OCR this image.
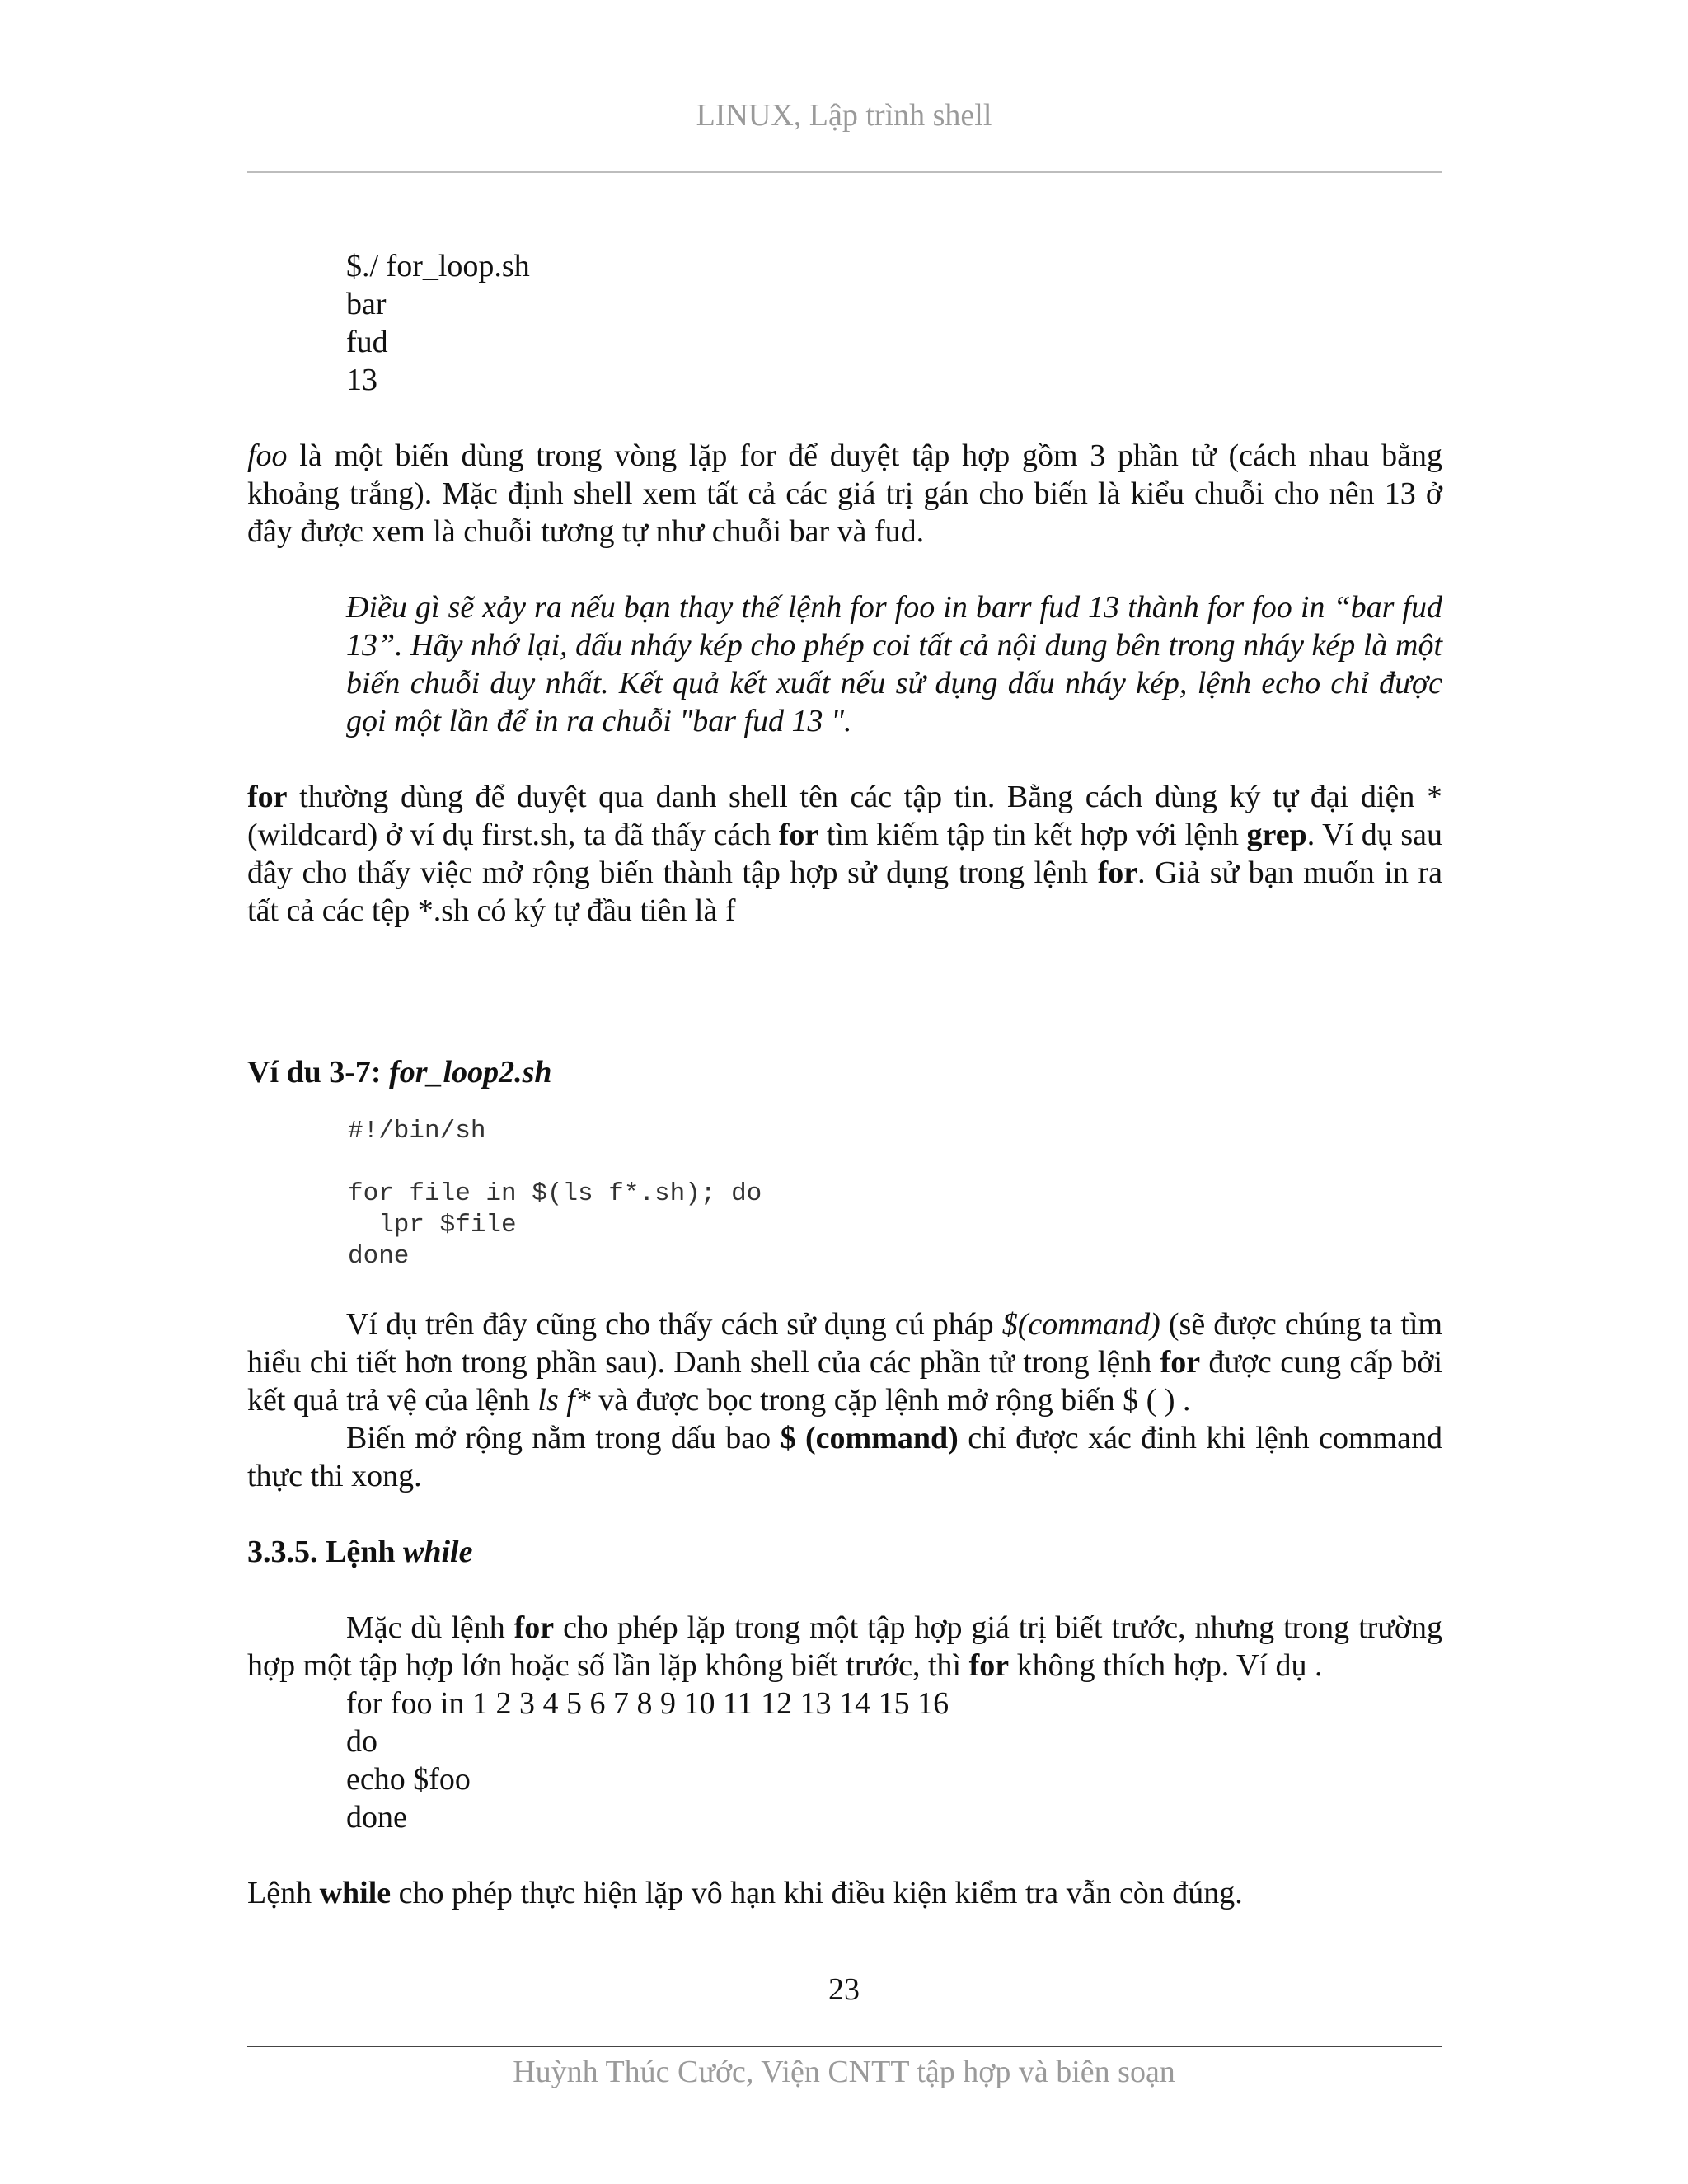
LINUX, Lập trình shell
$./ for_loop.sh
bar
fud
13

foo là một biến dùng trong vòng lặp for để duyệt tập hợp gồm 3 phần tử (cách nhau bằng khoảng trắng). Mặc định shell xem tất cả các giá trị gán cho biến là kiểu chuỗi cho nên 13 ở đây được xem là chuỗi tương tự như chuỗi bar và fud.

Điều gì sẽ xảy ra nếu bạn thay thế lệnh for foo in barr fud 13 thành for foo in “bar fud 13”. Hãy nhớ lại, dấu nháy kép cho phép coi tất cả nội dung bên trong nháy kép là một biến chuỗi duy nhất. Kết quả kết xuất nếu sử dụng dấu nháy kép, lệnh echo chỉ được gọi một lần để in ra chuỗi "bar fud 13 ".

for thường dùng để duyệt qua danh shell tên các tập tin. Bằng cách dùng ký tự đại diện * (wildcard) ở ví dụ first.sh, ta đã thấy cách for tìm kiếm tập tin kết hợp với lệnh grep. Ví dụ sau đây cho thấy việc mở rộng biến thành tập hợp sử dụng trong lệnh for. Giả sử bạn muốn in ra tất cả các tệp *.sh có ký tự đầu tiên là f

Ví du 3-7: for_loop2.sh
#!/bin/sh
for file in $(ls f*.sh); do
lpr $file
done

Ví dụ trên đây cũng cho thấy cách sử dụng cú pháp $(command) (sẽ được chúng ta tìm hiểu chi tiết hơn trong phần sau). Danh shell của các phần tử trong lệnh for được cung cấp bởi kết quả trả vệ của lệnh ls f* và được bọc trong cặp lệnh mở rộng biến $ ( ) .

Biến mở rộng nằm trong dấu bao $ (command) chỉ được xác đinh khi lệnh command thực thi xong.

3.3.5. Lệnh while

Mặc dù lệnh for cho phép lặp trong một tập hợp giá trị biết trước, nhưng trong trường hợp một tập hợp lớn hoặc số lần lặp không biết trước, thì for không thích hợp. Ví dụ .

for foo in 1 2 3 4 5 6 7 8 9 10 11 12 13 14 15 16
do
echo $foo
done

Lệnh while cho phép thực hiện lặp vô hạn khi điều kiện kiểm tra vẫn còn đúng.

23
Huỳnh Thúc Cước, Viện CNTT tập hợp và biên soạn
